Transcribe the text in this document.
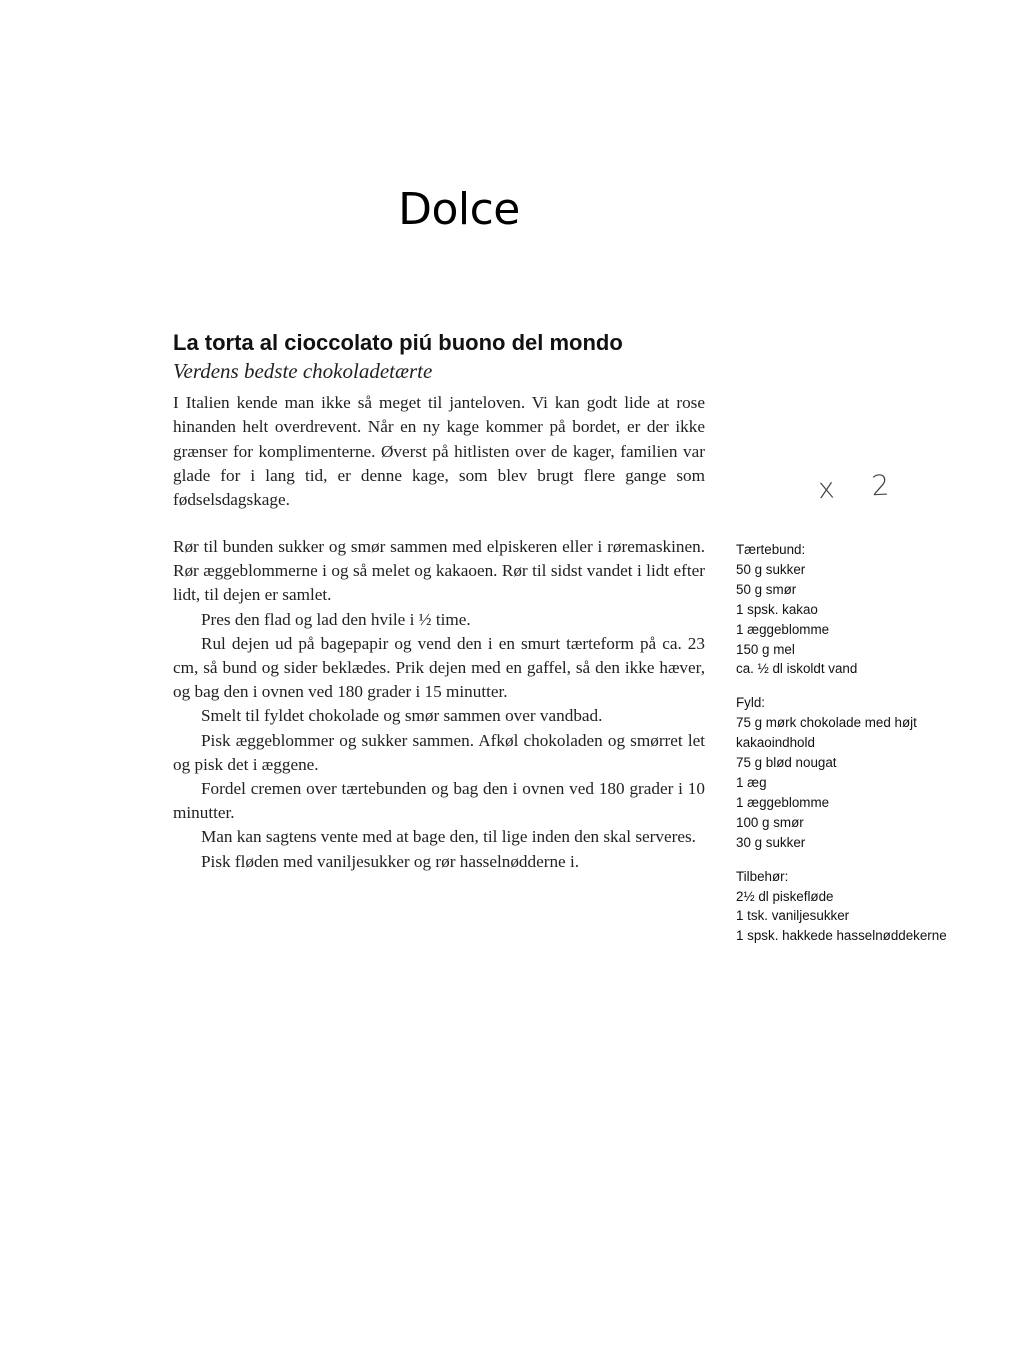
Dolce
La torta al cioccolato piú buono del mondo
Verdens bedste chokoladetærte

I Italien kende man ikke så meget til janteloven. Vi kan godt lide at rose hinanden helt overdrevent. Når en ny kage kommer på bordet, er der ikke grænser for komplimenterne. Øverst på hitlisten over de kager, familien var glade for i lang tid, er denne kage, som blev brugt flere gange som fødselsdagskage.	x 2

Rør til bunden sukker og smør sammen med elpiskeren eller i røremaskinen. Rør æggeblommerne i og så melet og kakaoen. Rør til sidst vandet i lidt efter lidt, til dejen er samlet.

Pres den flad og lad den hvile i ½ time.

Rul dejen ud på bagepapir og vend den i en smurt tærteform på ca. 23 cm, så bund og sider beklædes. Prik dejen med en gaffel, så den ikke hæver, og bag den i ovnen ved 180 grader i 15 minutter.

Smelt til fyldet chokolade og smør sammen over vandbad.

Pisk æggeblommer og sukker sammen. Afkøl chokoladen og smørret let og pisk det i æggene.

Fordel cremen over tærtebunden og bag den i ovnen ved 180 grader i 10 minutter.

Man kan sagtens vente med at bage den, til lige inden den skal serveres.

Pisk fløden med vaniljesukker og rør hasselnødderne i.

Tærtebund:
50 g sukker
50 g smør
1 spsk. kakao
1 æggeblomme
150 g mel
ca. ½ dl iskoldt vand
Fyld:
75 g mørk chokolade med højt kakaoindhold
75 g blød nougat
1 æg
1 æggeblomme
100 g smør
30 g sukker
Tilbehør:
2½ dl piskefløde
1 tsk. vaniljesukker
1 spsk. hakkede hasselnøddekerne
